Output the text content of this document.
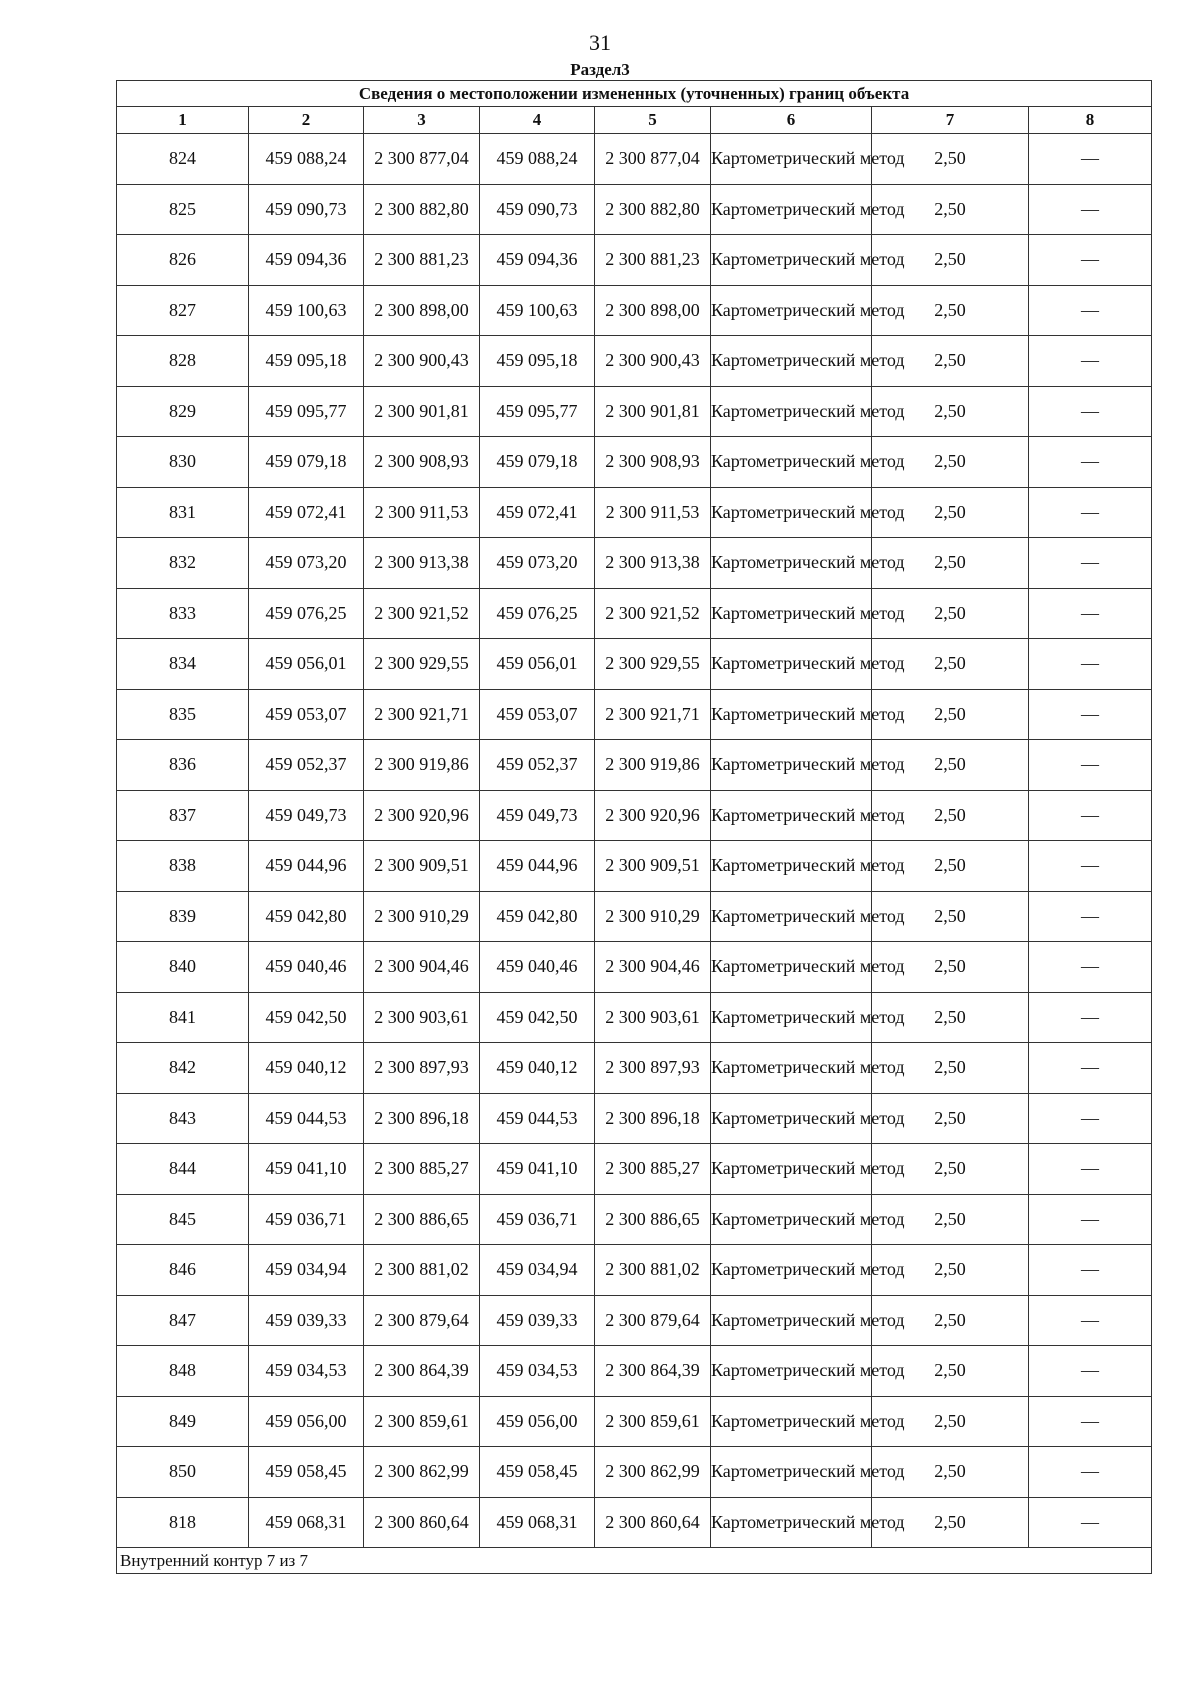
31
Раздел3
Сведения о местоположении измененных (уточненных) границ объекта							
1	2	3	4	5	6	7	8
824	459 088,24	2 300 877,04	459 088,24	2 300 877,04	Картометрический метод	2,50	—
825	459 090,73	2 300 882,80	459 090,73	2 300 882,80	Картометрический метод	2,50	—
826	459 094,36	2 300 881,23	459 094,36	2 300 881,23	Картометрический метод	2,50	—
827	459 100,63	2 300 898,00	459 100,63	2 300 898,00	Картометрический метод	2,50	—
828	459 095,18	2 300 900,43	459 095,18	2 300 900,43	Картометрический метод	2,50	—
829	459 095,77	2 300 901,81	459 095,77	2 300 901,81	Картометрический метод	2,50	—
830	459 079,18	2 300 908,93	459 079,18	2 300 908,93	Картометрический метод	2,50	—
831	459 072,41	2 300 911,53	459 072,41	2 300 911,53	Картометрический метод	2,50	—
832	459 073,20	2 300 913,38	459 073,20	2 300 913,38	Картометрический метод	2,50	—
833	459 076,25	2 300 921,52	459 076,25	2 300 921,52	Картометрический метод	2,50	—
834	459 056,01	2 300 929,55	459 056,01	2 300 929,55	Картометрический метод	2,50	—
835	459 053,07	2 300 921,71	459 053,07	2 300 921,71	Картометрический метод	2,50	—
836	459 052,37	2 300 919,86	459 052,37	2 300 919,86	Картометрический метод	2,50	—
837	459 049,73	2 300 920,96	459 049,73	2 300 920,96	Картометрический метод	2,50	—
838	459 044,96	2 300 909,51	459 044,96	2 300 909,51	Картометрический метод	2,50	—
839	459 042,80	2 300 910,29	459 042,80	2 300 910,29	Картометрический метод	2,50	—
840	459 040,46	2 300 904,46	459 040,46	2 300 904,46	Картометрический метод	2,50	—
841	459 042,50	2 300 903,61	459 042,50	2 300 903,61	Картометрический метод	2,50	—
842	459 040,12	2 300 897,93	459 040,12	2 300 897,93	Картометрический метод	2,50	—
843	459 044,53	2 300 896,18	459 044,53	2 300 896,18	Картометрический метод	2,50	—
844	459 041,10	2 300 885,27	459 041,10	2 300 885,27	Картометрический метод	2,50	—
845	459 036,71	2 300 886,65	459 036,71	2 300 886,65	Картометрический метод	2,50	—
846	459 034,94	2 300 881,02	459 034,94	2 300 881,02	Картометрический метод	2,50	—
847	459 039,33	2 300 879,64	459 039,33	2 300 879,64	Картометрический метод	2,50	—
848	459 034,53	2 300 864,39	459 034,53	2 300 864,39	Картометрический метод	2,50	—
849	459 056,00	2 300 859,61	459 056,00	2 300 859,61	Картометрический метод	2,50	—
850	459 058,45	2 300 862,99	459 058,45	2 300 862,99	Картометрический метод	2,50	—
818	459 068,31	2 300 860,64	459 068,31	2 300 860,64	Картометрический метод	2,50	—
Внутренний контур 7 из 7							
